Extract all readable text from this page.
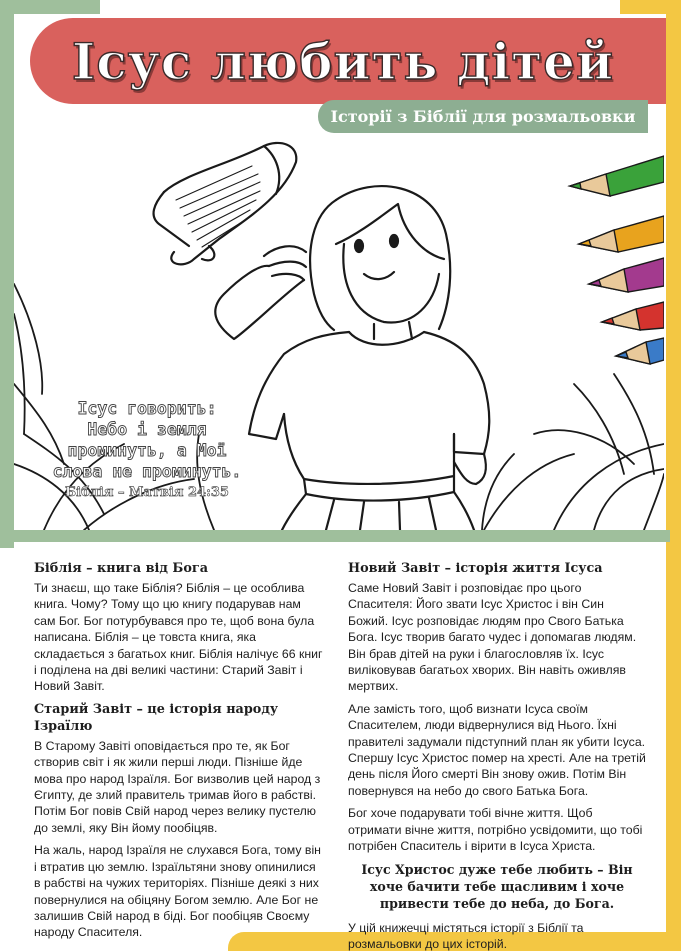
Ісус любить дітей
Історії з Біблії для розмальовки
Ісус говорить:
Небо і земля
проминуть, а Мої
слова не проминуть.
Біблія – Матвія 24:35
Біблія – книга від Бога

Ти знаєш, що таке Біблія? Біблія – це особлива книга. Чому? Тому що цю книгу подарував нам сам Бог. Бог потурбувався про те, щоб вона була написана. Біблія – це товста книга, яка складається з багатьох книг. Біблія налічує 66 книг і поділена на дві великі частини: Старий Завіт і Новий Завіт.

Старий Завіт – це історія народу Ізраїлю

В Старому Завіті оповідається про те, як Бог створив світ і як жили перші люди. Пізніше йде мова про народ Ізраїля. Бог визволив цей народ з Єгипту, де злий правитель тримав його в рабстві. Потім Бог повів Свій народ через велику пустелю до землі, яку Він йому пообіцяв.

На жаль, народ Ізраїля не слухався Бога, тому він і втратив цю землю. Ізраїльтяни знову опинилися в рабстві на чужих територіях. Пізніше деякі з них повернулися на обіцяну Богом землю. Але Бог не залишив Свій народ в біді. Бог пообіцяв Своєму народу Спасителя.

Новий Завіт – історія життя Ісуса

Саме Новий Завіт і розповідає про цього Спасителя: Його звати Ісус Христос і він Син Божий. Ісус розповідає людям про Свого Батька Бога. Ісус творив багато чудес і допомагав людям. Він брав дітей на руки і благословляв їх. Ісус виліковував багатьох хворих. Він навіть оживляв мертвих.

Але замість того, щоб визнати Ісуса своїм Спасителем, люди відвернулися від Нього. Їхні правителі задумали підступний план як убити Ісуса. Спершу Ісус Христос помер на хресті. Але на третій день після Його смерті Він знову ожив. Потім Він повернувся на небо до свого Батька Бога.

Бог хоче подарувати тобі вічне життя. Щоб отримати вічне життя, потрібно усвідомити, що тобі потрібен Спаситель і вірити в Ісуса Христа.

Ісус Христос дуже тебе любить – Він хоче бачити тебе щасливим і хоче привести тебе до неба, до Бога.

У цій книжечці містяться історії з Біблії та розмальовки до цих історій.
